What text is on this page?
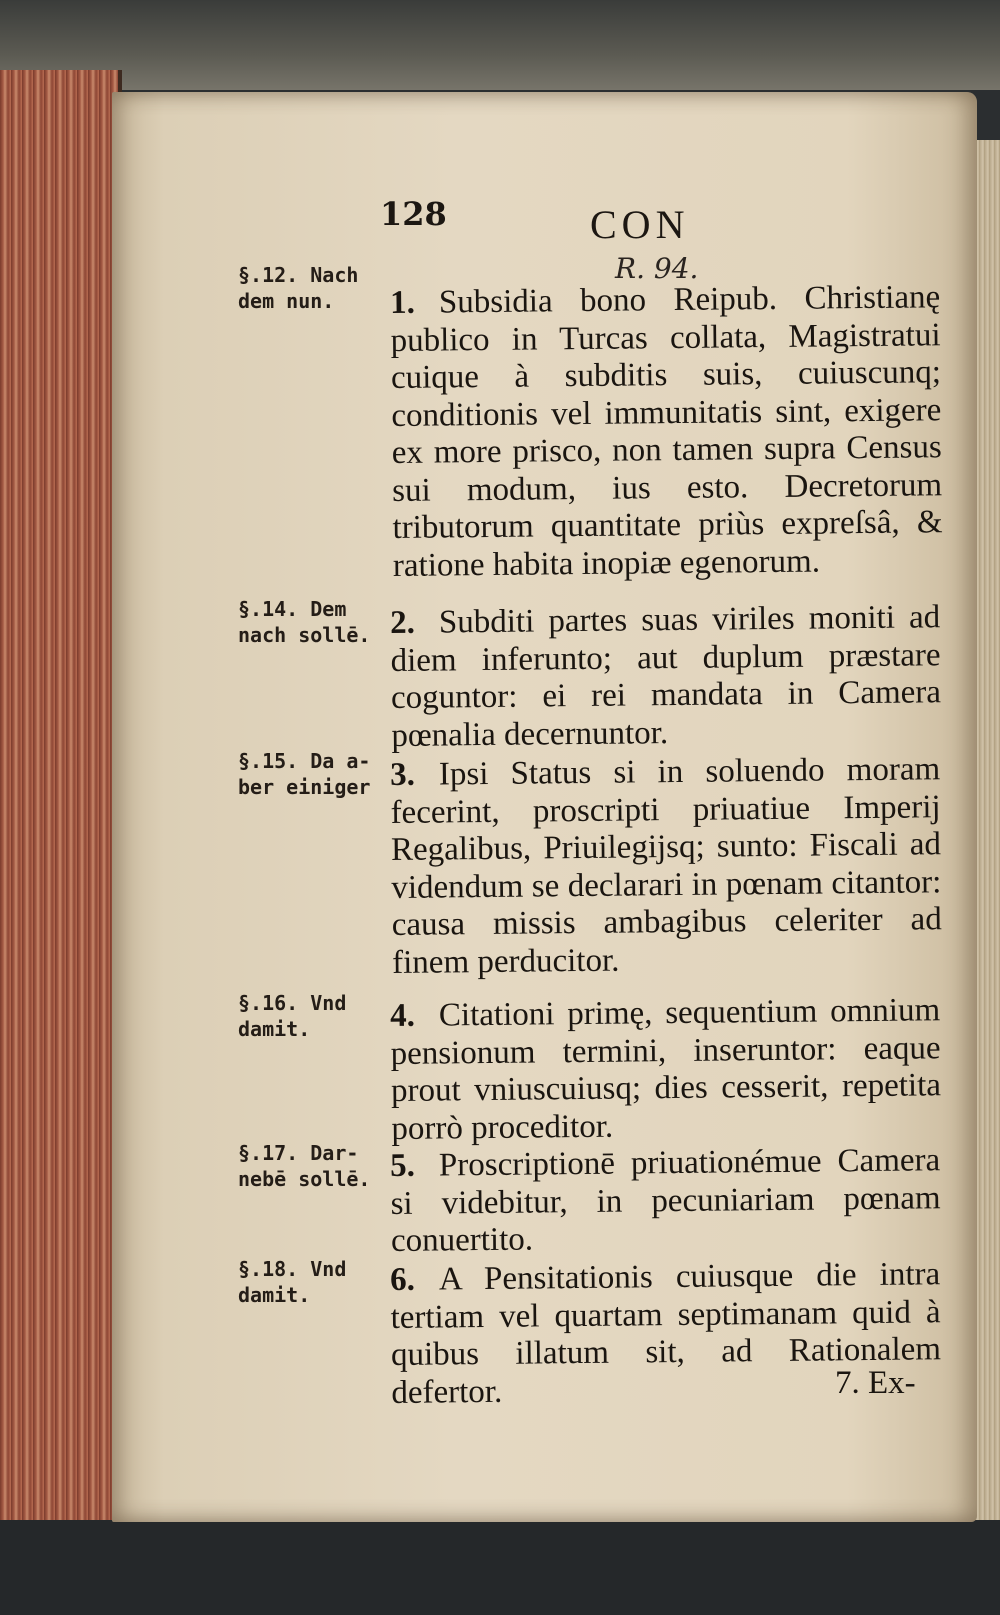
128	CON
R. 94.
§.12. Nach
dem nun.
§.14. Dem
nach sollē.
§.15. Da a-
ber einiger
§.16. Vnd
damit.
§.17. Dar-
nebē sollē.
§.18. Vnd
damit.
1. Subsidia bono Reipub. Christianę publico in Turcas collata, Magistratui cuique à subditis suis, cuiuscunq; conditionis vel immunitatis sint, exigere ex more prisco, non tamen supra Census sui modum, ius esto. Decretorum tributorum quantitate priùs expreſsâ, & ratione habita inopiæ egenorum.
2. Subditi partes suas viriles moniti ad diem inferunto; aut duplum præstare coguntor: ei rei mandata in Camera pœnalia decernuntor.
3. Ipsi Status si in soluendo moram fecerint, proscripti priuatiue Imperij Regalibus, Priuilegijsq; sunto: Fiscali ad videndum se declarari in pœnam citantor: causa missis ambagibus celeriter ad finem perducitor.
4. Citationi primę, sequentium omnium pensionum termini, inseruntor: eaque prout vniuscuiusq; dies cesserit, repetita porrò proceditor.
5. Proscriptionē priuationémue Camera si videbitur, in pecuniariam pœnam conuertito.
6. A Pensitationis cuiusque die intra tertiam vel quartam septimanam quid à quibus illatum sit, ad Rationalem defertor.	7. Ex-
